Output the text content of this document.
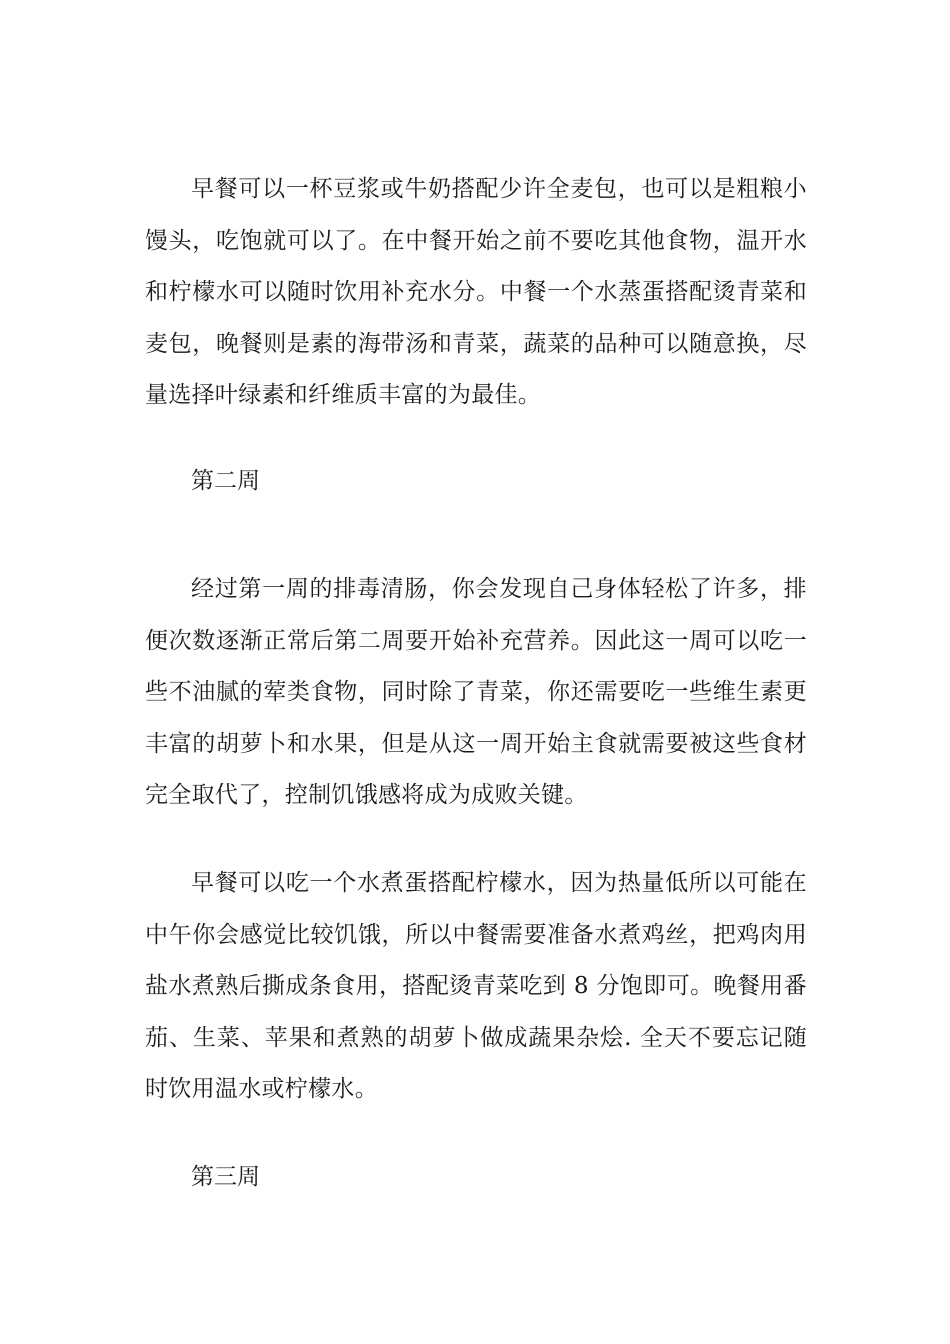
早餐可以一杯豆浆或牛奶搭配少许全麦包，也可以是粗粮小馒头，吃饱就可以了。在中餐开始之前不要吃其他食物，温开水和柠檬水可以随时饮用补充水分。中餐一个水蒸蛋搭配烫青菜和麦包，晚餐则是素的海带汤和青菜，蔬菜的品种可以随意换，尽量选择叶绿素和纤维质丰富的为最佳。

第二周

经过第一周的排毒清肠，你会发现自己身体轻松了许多，排便次数逐渐正常后第二周要开始补充营养。因此这一周可以吃一些不油腻的荤类食物，同时除了青菜，你还需要吃一些维生素更丰富的胡萝卜和水果，但是从这一周开始主食就需要被这些食材完全取代了，控制饥饿感将成为成败关键。

早餐可以吃一个水煮蛋搭配柠檬水，因为热量低所以可能在中午你会感觉比较饥饿，所以中餐需要准备水煮鸡丝，把鸡肉用盐水煮熟后撕成条食用，搭配烫青菜吃到 8 分饱即可。晚餐用番茄、生菜、苹果和煮熟的胡萝卜做成蔬果杂烩. 全天不要忘记随时饮用温水或柠檬水。

第三周
